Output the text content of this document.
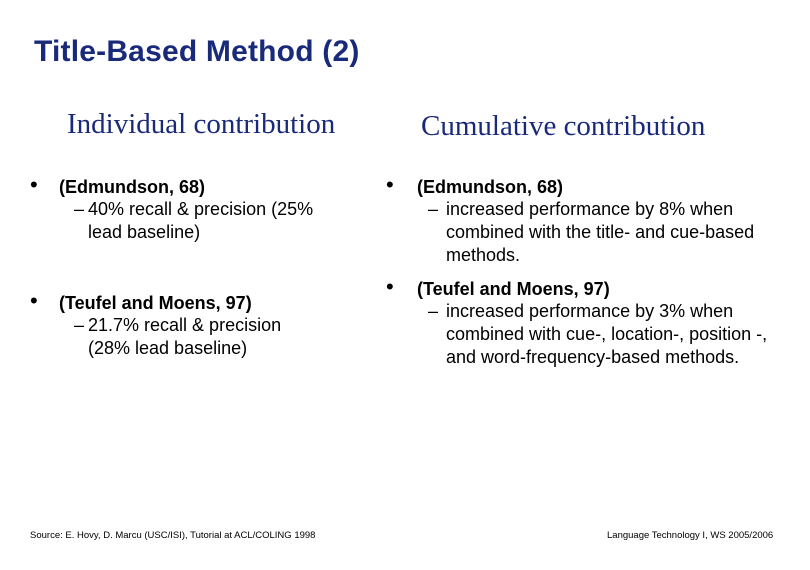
Title-Based Method (2)
Individual contribution	Cumulative contribution
• (Edmundson, 68)
– 40% recall & precision (25% lead baseline)
• (Teufel and Moens, 97)
– 21.7% recall & precision (28% lead baseline)
• (Edmundson, 68)
– increased performance by 8% when combined with the title- and cue-based methods.
• (Teufel and Moens, 97)
– increased performance by 3% when combined with cue-, location-, position -, and word-frequency-based methods.
Source: E. Hovy, D. Marcu (USC/ISI), Tutorial at ACL/COLING 1998	Language Technology I, WS 2005/2006
